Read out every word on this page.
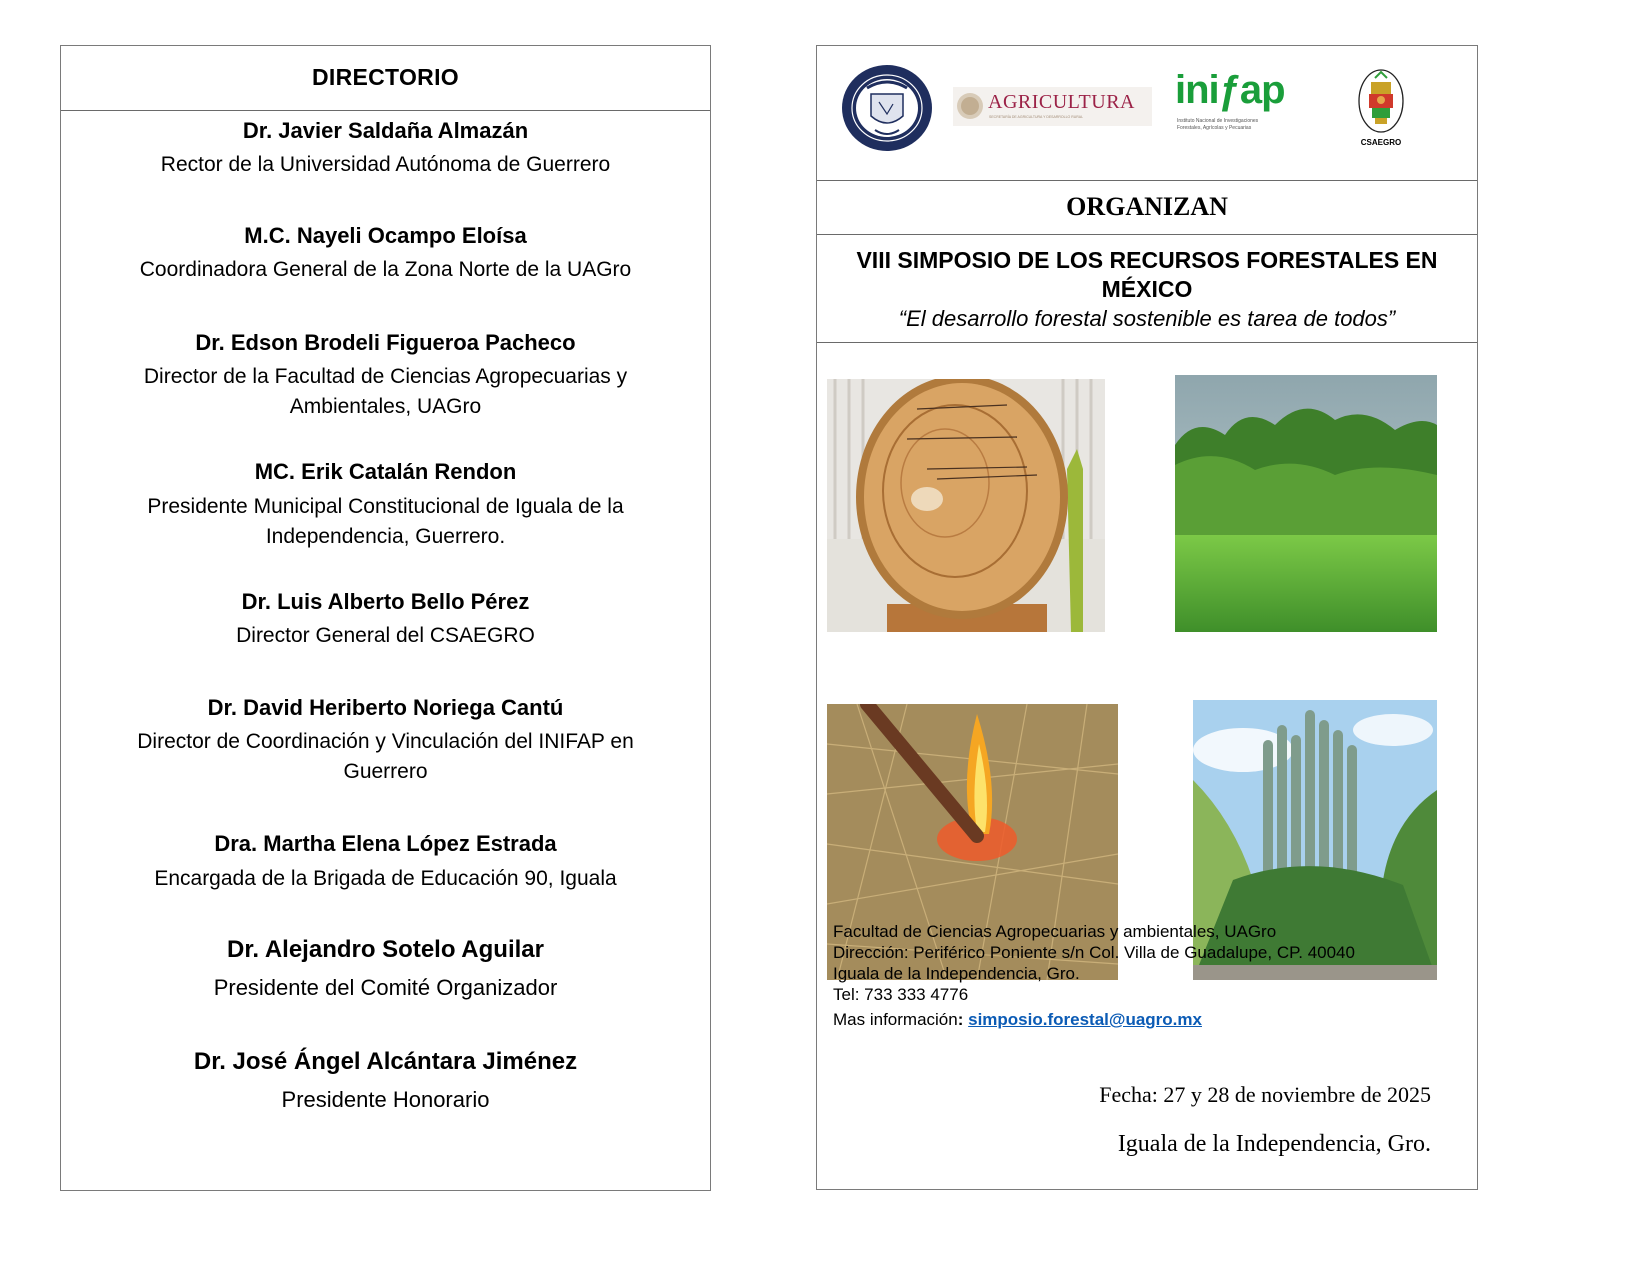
DIRECTORIO
Dr. Javier Saldaña Almazán
Rector de la Universidad Autónoma de Guerrero
M.C. Nayeli Ocampo Eloísa
Coordinadora General de la Zona Norte de la UAGro
Dr. Edson Brodeli Figueroa Pacheco
Director de la Facultad de Ciencias Agropecuarias y
Ambientales, UAGro
MC. Erik Catalán Rendon
Presidente Municipal Constitucional de Iguala de la
Independencia, Guerrero.
Dr. Luis Alberto Bello Pérez
Director General del CSAEGRO
Dr. David Heriberto Noriega Cantú
Director de Coordinación y Vinculación del INIFAP en
Guerrero
Dra. Martha Elena López Estrada
Encargada de la Brigada de Educación 90, Iguala
Dr. Alejandro Sotelo Aguilar
Presidente del Comité Organizador
Dr. José Ángel Alcántara Jiménez
Presidente Honorario
AGRICULTURA
SECRETARÍA DE AGRICULTURA Y DESARROLLO RURAL
iniƒap
Instituto Nacional de Investigaciones
Forestales, Agrícolas y Pecuarias
CSAEGRO
ORGANIZAN
VIII SIMPOSIO DE LOS RECURSOS FORESTALES EN MÉXICO
“El desarrollo forestal sostenible es tarea de todos”
Facultad de Ciencias Agropecuarias y ambientales, UAGro
Dirección: Periférico Poniente s/n Col. Villa de Guadalupe, CP. 40040
Iguala de la Independencia, Gro.
Tel: 733 333 4776
Mas información: simposio.forestal@uagro.mx
Fecha: 27 y 28 de noviembre de 2025
Iguala de la Independencia, Gro.
